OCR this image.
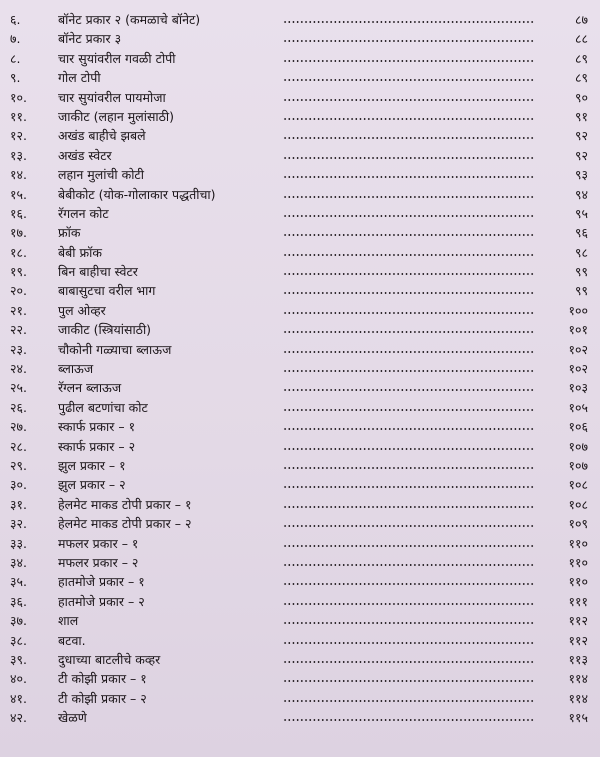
६.	बॉनेट प्रकार २ (कमळाचे बॉनेट)	८७
७.	बॉनेट प्रकार ३	८८
८.	चार सुयांवरील गवळी टोपी	८९
९.	गोल टोपी	८९
१०.	चार सुयांवरील पायमोजा	९०
११.	जाकीट (लहान मुलांसाठी)	९१
१२.	अखंड बाहीचे झबले	९२
१३.	अखंड स्वेटर	९२
१४.	लहान मुलांची कोटी	९३
१५.	बेबीकोट (योक-गोलाकार पद्धतीचा)	९४
१६.	रॅगलन कोट	९५
१७.	फ्रॉक	९६
१८.	बेबी फ्रॉक	९८
१९.	बिन बाहीचा स्वेटर	९९
२०.	बाबासुटचा वरील भाग	९९
२१.	पुल ओव्हर	१००
२२.	जाकीट (स्त्रियांसाठी)	१०१
२३.	चौकोनी गळ्याचा ब्लाऊज	१०२
२४.	ब्लाऊज	१०२
२५.	रॅग्लन ब्लाऊज	१०३
२६.	पुढील बटणांचा कोट	१०५
२७.	स्कार्फ प्रकार – १	१०६
२८.	स्कार्फ प्रकार – २	१०७
२९.	झुल प्रकार – १	१०७
३०.	झुल प्रकार – २	१०८
३१.	हेलमेट माकड टोपी प्रकार – १	१०८
३२.	हेलमेट माकड टोपी प्रकार – २	१०९
३३.	मफलर प्रकार – १	११०
३४.	मफलर प्रकार – २	११०
३५.	हातमोजे प्रकार – १	११०
३६.	हातमोजे प्रकार – २	१११
३७.	शाल	११२
३८.	बटवा.	११२
३९.	दुधाच्या बाटलीचे कव्हर	११३
४०.	टी कोझी प्रकार – १	११४
४१.	टी कोझी प्रकार – २	११४
४२.	खेळणे	११५
